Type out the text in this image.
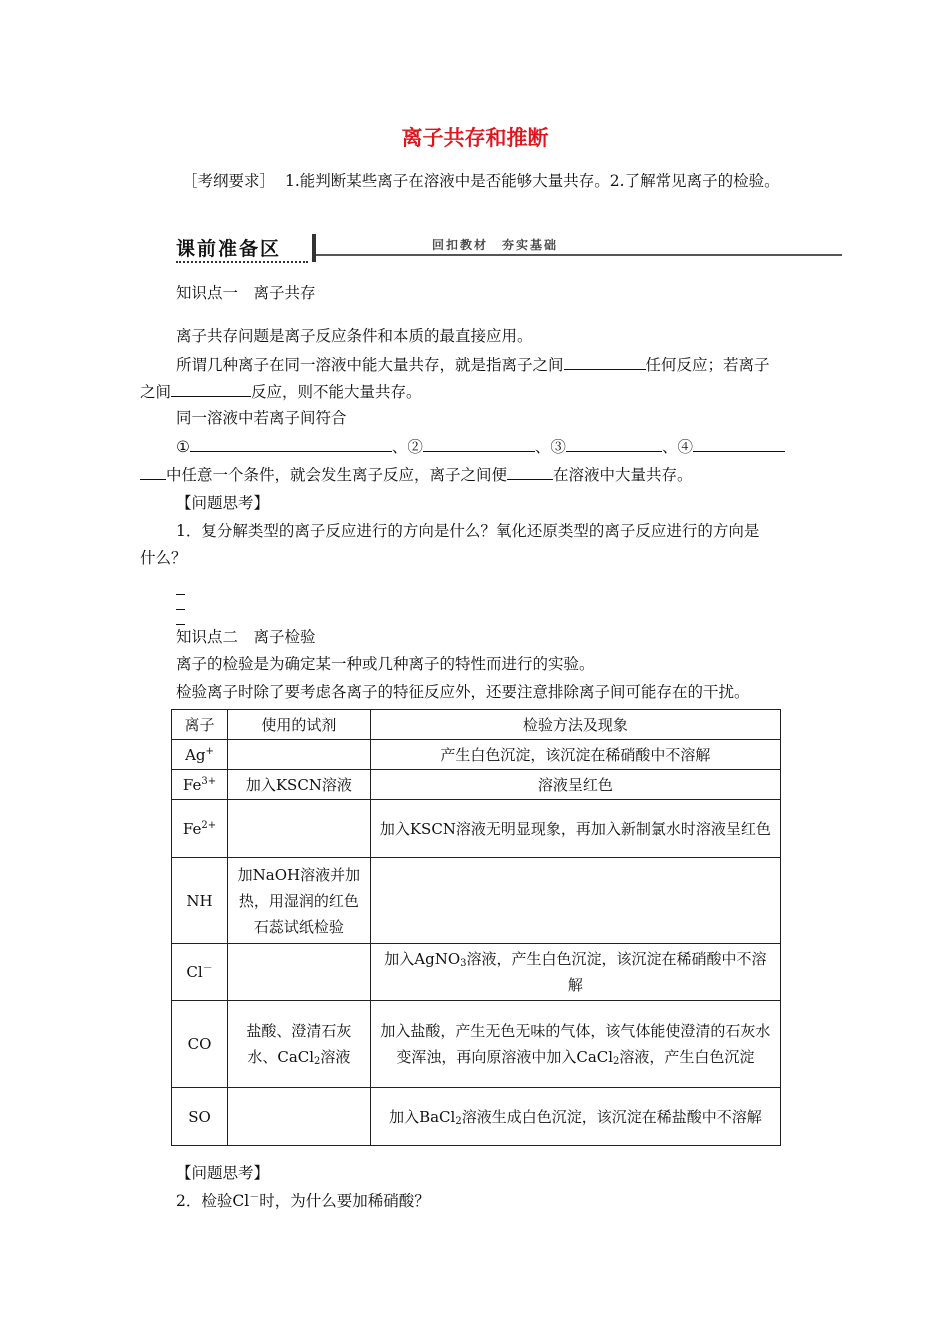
离子共存和推断
［考纲要求］ 1.能判断某些离子在溶液中是否能够大量共存。2.了解常见离子的检验。
课前准备区	回扣教材　夯实基础
知识点一　离子共存
离子共存问题是离子反应条件和本质的最直接应用。
所谓几种离子在同一溶液中能大量共存，就是指离子之间	任何反应；若离子
之间	反应，则不能大量共存。
同一溶液中若离子间符合
①	、②	、③	、④
中任意一个条件，就会发生离子反应，离子之间便	在溶液中大量共存。
【问题思考】
1．复分解类型的离子反应进行的方向是什么？氧化还原类型的离子反应进行的方向是
什么？
知识点二　离子检验
离子的检验是为确定某一种或几种离子的特性而进行的实验。
检验离子时除了要考虑各离子的特征反应外，还要注意排除离子间可能存在的干扰。
离子	使用的试剂	检验方法及现象
Ag+		产生白色沉淀，该沉淀在稀硝酸中不溶解
$Fe^{3+}$	加入KSCN溶液	溶液呈红色
$Fe^{2+}$		加入KSCN溶液无明显现象，再加入新制氯水时溶液呈红色
NH	加NaOH溶液并加热，用湿润的红色石蕊试纸检验	
Cl－		加入AgNO$_3$溶液，产生白色沉淀，该沉淀在稀硝酸中不溶解
CO	盐酸、澄清石灰水、CaCl$_2$溶液	加入盐酸，产生无色无味的气体，该气体能使澄清的石灰水变浑浊，再向原溶液中加入CaCl$_2$溶液，产生白色沉淀
SO		加入BaCl$_2$溶液生成白色沉淀，该沉淀在稀盐酸中不溶解
【问题思考】
2．检验Cl－时，为什么要加稀硝酸？
